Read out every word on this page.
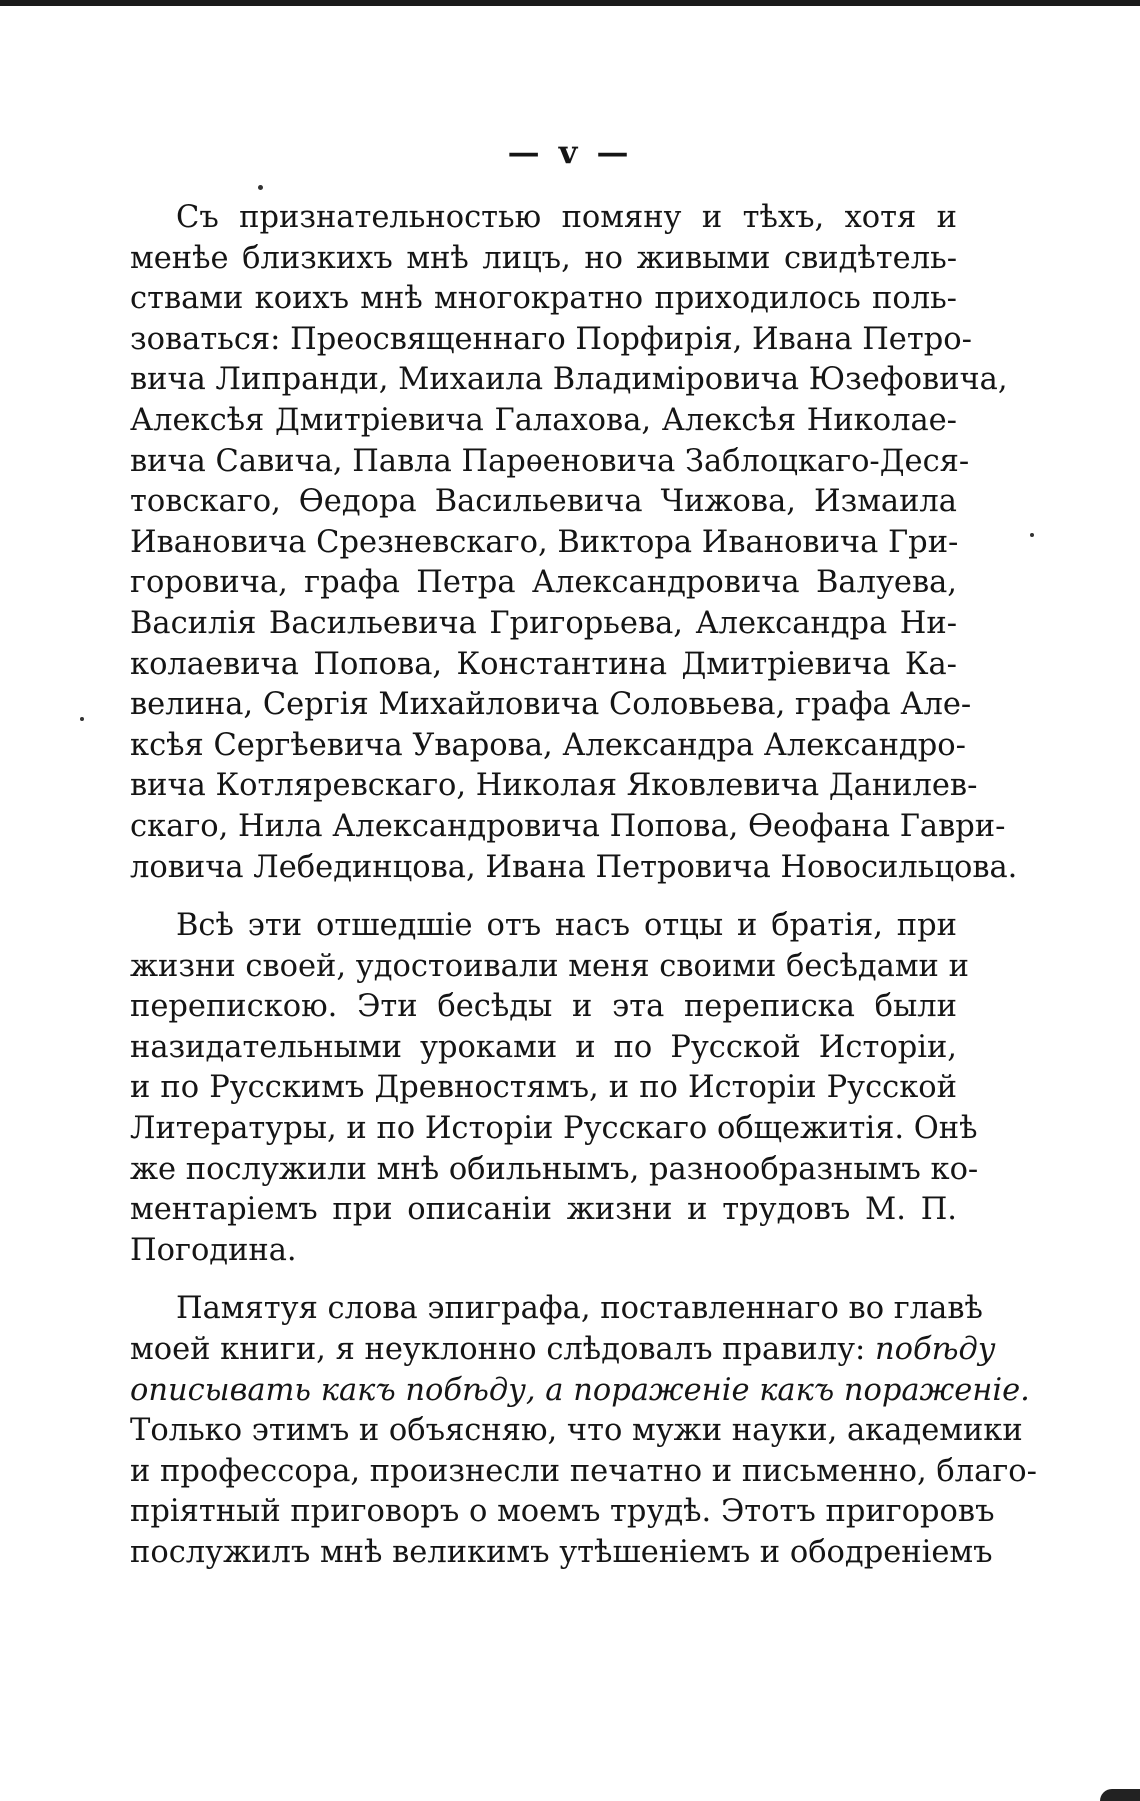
— v —
Съ признательностью помяну и тѣхъ, хотя и
менѣе близкихъ мнѣ лицъ, но живыми свидѣтель-
ствами коихъ мнѣ многократно приходилось поль-
зоваться: Преосвященнаго Порфирія, Ивана Петро-
вича Липранди, Михаила Владиміровича Юзефовича,
Алексѣя Дмитріевича Галахова, Алексѣя Николае-
вича Савича, Павла Парѳеновича Заблоцкаго-Деся-
товскаго, Ѳедора Васильевича Чижова, Измаила
Ивановича Срезневскаго, Виктора Ивановича Гри-
горовича, графа Петра Александровича Валуева,
Василія Васильевича Григорьева, Александра Ни-
колаевича Попова, Константина Дмитріевича Ка-
велина, Сергія Михайловича Соловьева, графа Але-
ксѣя Сергѣевича Уварова, Александра Александро-
вича Котляревскаго, Николая Яковлевича Данилев-
скаго, Нила Александровича Попова, Ѳеофана Гаври-
ловича Лебединцова, Ивана Петровича Новосильцова.
Всѣ эти отшедшіе отъ насъ отцы и братія, при
жизни своей, удостоивали меня своими бесѣдами и
перепискою. Эти бесѣды и эта переписка были
назидательными уроками и по Русской Исторіи,
и по Русскимъ Древностямъ, и по Исторіи Русской
Литературы, и по Исторіи Русскаго общежитія. Онѣ
же послужили мнѣ обильнымъ, разнообразнымъ ко-
ментаріемъ при описаніи жизни и трудовъ М. П.
Погодина.
Памятуя слова эпиграфа, поставленнаго во главѣ
моей книги, я неуклонно слѣдовалъ правилу: побѣду
описывать какъ побѣду, а пораженіе какъ пораженіе.
Только этимъ и объясняю, что мужи науки, академики
и профессора, произнесли печатно и письменно, благо-
пріятный приговоръ о моемъ трудѣ. Этотъ пригоровъ
послужилъ мнѣ великимъ утѣшеніемъ и ободреніемъ
